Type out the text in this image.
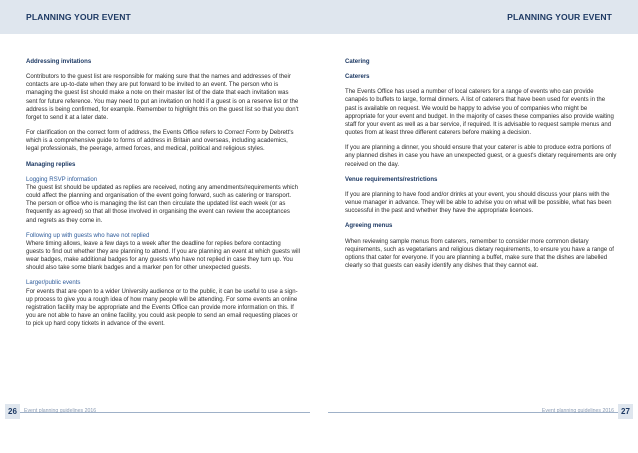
PLANNING YOUR EVENT	PLANNING YOUR EVENT

Addressing invitations

Contributors to the guest list are responsible for making sure that the names and addresses of their contacts are up-to-date when they are put forward to be invited to an event. The person who is managing the guest list should make a note on their master list of the date that each invitation was sent for future reference. You may need to put an invitation on hold if a guest is on a reserve list or the address is being confirmed, for example. Remember to highlight this on the guest list so that you don't forget to send it at a later date.

For clarification on the correct form of address, the Events Office refers to Correct Form by Debrett's which is a comprehensive guide to forms of address in Britain and overseas, including academics, legal professionals, the peerage, armed forces, and medical, political and religious styles.

Managing replies

Logging RSVP information
The guest list should be updated as replies are received, noting any amendments/requirements which could affect the planning and organisation of the event going forward, such as catering or transport. The person or office who is managing the list can then circulate the updated list each week (or as frequently as agreed) so that all those involved in organising the event can review the acceptances and regrets as they come in.

Following up with guests who have not replied
Where timing allows, leave a few days to a week after the deadline for replies before contacting guests to find out whether they are planning to attend. If you are planning an event at which guests will wear badges, make additional badges for any guests who have not replied in case they turn up. You should also take some blank badges and a marker pen for other unexpected guests.

Larger/public events
For events that are open to a wider University audience or to the public, it can be useful to use a sign-up process to give you a rough idea of how many people will be attending. For some events an online registration facility may be appropriate and the Events Office can provide more information on this. If you are not able to have an online facility, you could ask people to send an email requesting places or to pick up hard copy tickets in advance of the event.

Catering

Caterers

The Events Office has used a number of local caterers for a range of events who can provide canapés to buffets to large, formal dinners. A list of caterers that have been used for events in the past is available on request. We would be happy to advise you of companies who might be appropriate for your event and budget. In the majority of cases these companies also provide waiting staff for your event as well as a bar service, if required. It is advisable to request sample menus and quotes from at least three different caterers before making a decision.

If you are planning a dinner, you should ensure that your caterer is able to produce extra portions of any planned dishes in case you have an unexpected guest, or a guest's dietary requirements are only received on the day.

Venue requirements/restrictions

If you are planning to have food and/or drinks at your event, you should discuss your plans with the venue manager in advance. They will be able to advise you on what will be possible, what has been successful in the past and whether they have the appropriate licences.

Agreeing menus

When reviewing sample menus from caterers, remember to consider more common dietary requirements, such as vegetarians and religious dietary requirements, to ensure you have a range of options that cater for everyone. If you are planning a buffet, make sure that the dishes are labelled clearly so that guests can easily identify any dishes that they cannot eat.

26	27
Event planning guidelines 2016	Event planning guidelines 2016
